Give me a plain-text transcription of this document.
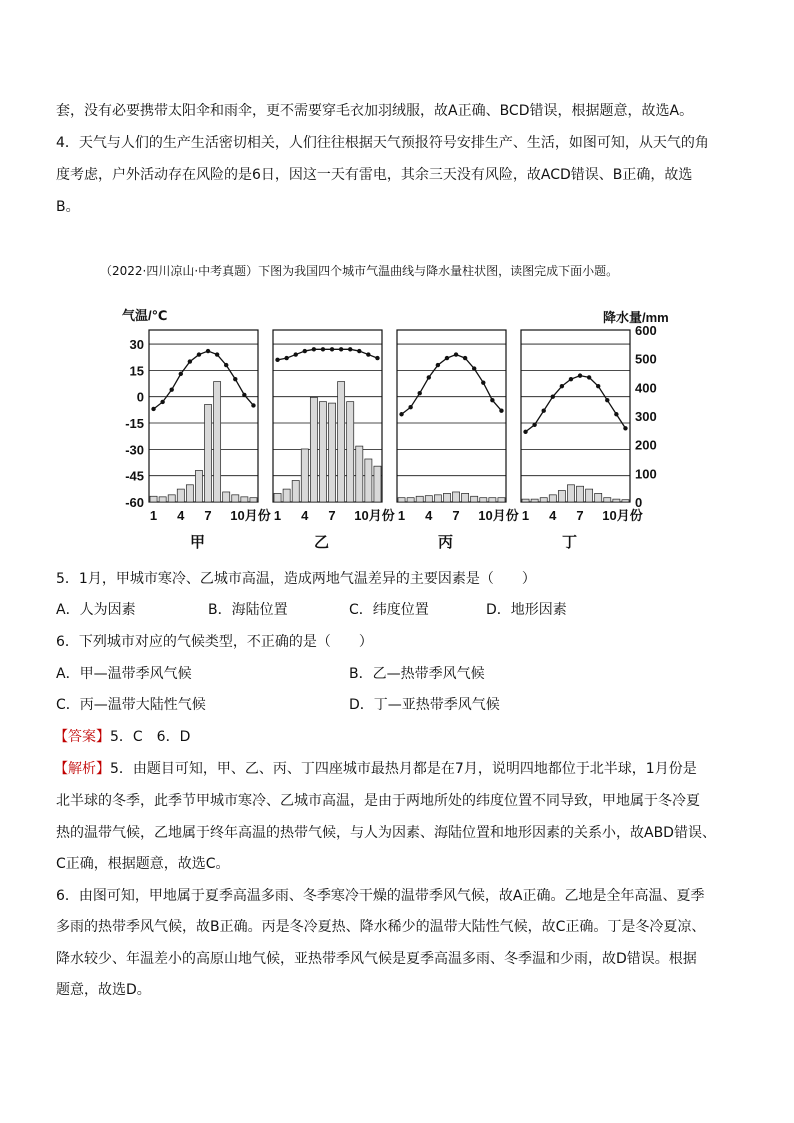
套，没有必要携带太阳伞和雨伞，更不需要穿毛衣加羽绒服，故A正确、BCD错误，根据题意，故选A。
4．天气与人们的生产生活密切相关，人们往往根据天气预报符号安排生产、生活，如图可知，从天气的角
度考虑，户外活动存在风险的是6日，因这一天有雷电，其余三天没有风险，故ACD错误、B正确，故选
B。
（2022·四川凉山·中考真题）下图为我国四个城市气温曲线与降水量柱状图，读图完成下面小题。
气温/℃	降水量/mm
30
15
0
-15
-30
-45
-60
600
500
400
300
200
100
0
1 4 7 10月份
甲
1 4 7 10月份
乙
1 4 7 10月份
丙
1 4 7 10月份
丁
5．1月，甲城市寒冷、乙城市高温，造成两地气温差异的主要因素是（　　）
A．人为因素	B．海陆位置	C．纬度位置	D．地形因素
6．下列城市对应的气候类型，不正确的是（　　）
A．甲—温带季风气候	B．乙—热带季风气候
C．丙—温带大陆性气候	D．丁—亚热带季风气候
【答案】5．C　6．D
【解析】5．由题目可知，甲、乙、丙、丁四座城市最热月都是在7月，说明四地都位于北半球，1月份是
北半球的冬季，此季节甲城市寒冷、乙城市高温，是由于两地所处的纬度位置不同导致，甲地属于冬冷夏
热的温带气候，乙地属于终年高温的热带气候，与人为因素、海陆位置和地形因素的关系小，故ABD错误、
C正确，根据题意，故选C。
6．由图可知，甲地属于夏季高温多雨、冬季寒冷干燥的温带季风气候，故A正确。乙地是全年高温、夏季
多雨的热带季风气候，故B正确。丙是冬冷夏热、降水稀少的温带大陆性气候，故C正确。丁是冬冷夏凉、
降水较少、年温差小的高原山地气候，亚热带季风气候是夏季高温多雨、冬季温和少雨，故D错误。根据
题意，故选D。
